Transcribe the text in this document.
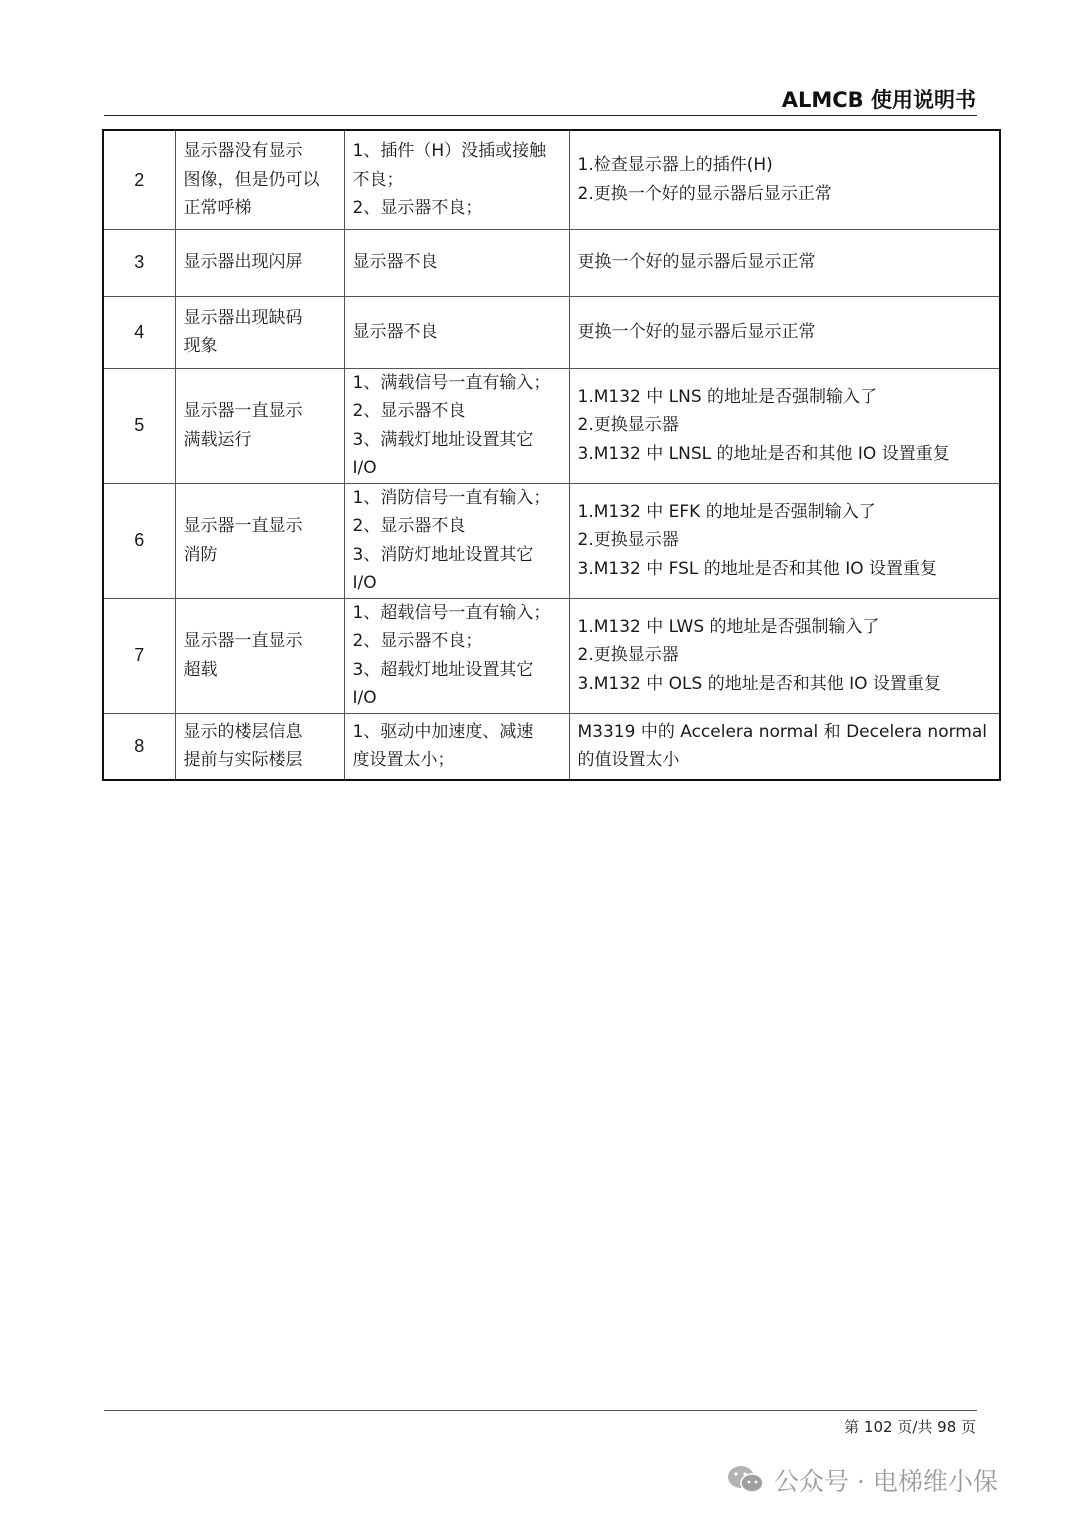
ALMCB 使用说明书
2	显示器没有显示
图像，但是仍可以
正常呼梯	1、插件（H）没插或接触
不良；
2、显示器不良；	1.检查显示器上的插件(H)
2.更换一个好的显示器后显示正常

3	显示器出现闪屏	显示器不良	更换一个好的显示器后显示正常

4	显示器出现缺码
现象	显示器不良	更换一个好的显示器后显示正常

5	显示器一直显示
满载运行	1、满载信号一直有输入；
2、显示器不良
3、满载灯地址设置其它
I/O	1.M132 中 LNS 的地址是否强制输入了
2.更换显示器
3.M132 中 LNSL 的地址是否和其他 IO 设置重复

6	显示器一直显示
消防	1、消防信号一直有输入；
2、显示器不良
3、消防灯地址设置其它
I/O	1.M132 中 EFK 的地址是否强制输入了
2.更换显示器
3.M132 中 FSL 的地址是否和其他 IO 设置重复

7	显示器一直显示
超载	1、超载信号一直有输入；
2、显示器不良；
3、超载灯地址设置其它
I/O	1.M132 中 LWS 的地址是否强制输入了
2.更换显示器
3.M132 中 OLS 的地址是否和其他 IO 设置重复

8	显示的楼层信息
提前与实际楼层	1、驱动中加速度、减速
度设置太小；	M3319 中的 Accelera normal 和 Decelera normal
的值设置太小
第 102 页/共 98 页
公众号 · 电梯维小保
